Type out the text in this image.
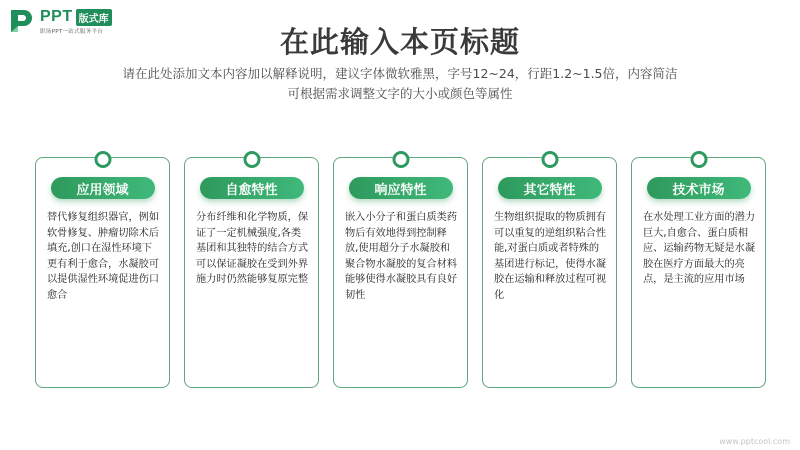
PPT 版式库
职场PPT一站式服务平台	在此输入本页标题
请在此处添加文本内容加以解释说明，建议字体微软雅黑，字号12~24，行距1.2~1.5倍，内容简洁
可根据需求调整文字的大小或颜色等属性
应用领域
替代修复组织器官，例如软骨修复、肿瘤切除术后填充,创口在湿性环境下更有利于愈合，水凝胶可以提供湿性环境促进伤口愈合
自愈特性
分布纤维和化学物质，保证了一定机械强度,各类基团和其独特的结合方式可以保证凝胶在受到外界施力时仍然能够复原完整
响应特性
嵌入小分子和蛋白质类药物后有效地得到控制释放,使用超分子水凝胶和聚合物水凝胶的复合材料能够使得水凝胶具有良好韧性
其它特性
生物组织提取的物质拥有可以重复的逆组织粘合性能,对蛋白质或者特殊的基团进行标记，使得水凝胶在运输和释放过程可视化
技术市场
在水处理工业方面的潜力巨大,自愈合、蛋白质相应、运输药物无疑是水凝胶在医疗方面最大的亮点，是主流的应用市场
www.pptcool.com
